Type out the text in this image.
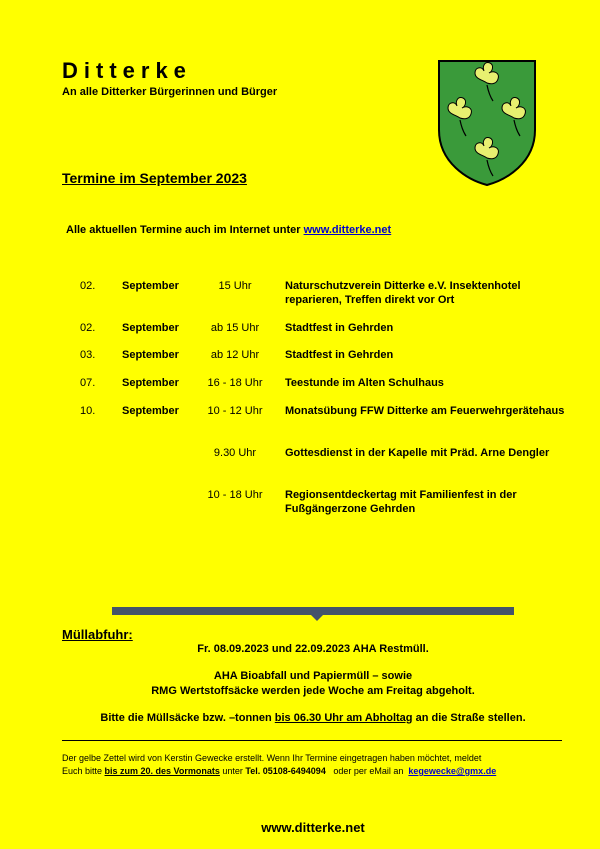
Ditterke
An alle Ditterker Bürgerinnen und Bürger
Termine im September 2023
Alle aktuellen Termine auch im Internet unter www.ditterke.net
02. September	15 Uhr	Naturschutzverein Ditterke e.V. Insektenhotel reparieren, Treffen direkt vor Ort
02. September	ab 15 Uhr	Stadtfest in Gehrden
03. September	ab 12 Uhr	Stadtfest in Gehrden
07. September	16 - 18 Uhr	Teestunde im Alten Schulhaus
10. September	10 - 12 Uhr	Monatsübung FFW Ditterke am Feuerwehrgerätehaus
9.30 Uhr	Gottesdienst in der Kapelle mit Präd. Arne Dengler
10 - 18 Uhr	Regionsentdeckertag mit Familienfest in der Fußgängerzone Gehrden
Müllabfuhr:
Fr. 08.09.2023 und 22.09.2023 AHA Restmüll.
AHA Bioabfall und Papiermüll – sowie
RMG Wertstoffsäcke werden jede Woche am Freitag abgeholt.
Bitte die Müllsäcke bzw. –tonnen bis 06.30 Uhr am Abholtag an die Straße stellen.
Der gelbe Zettel wird von Kerstin Gewecke erstellt. Wenn Ihr Termine eingetragen haben möchtet, meldet
Euch bitte bis zum 20. des Vormonats unter Tel. 05108-6494094   oder per eMail an  kegewecke@gmx.de
www.ditterke.net
